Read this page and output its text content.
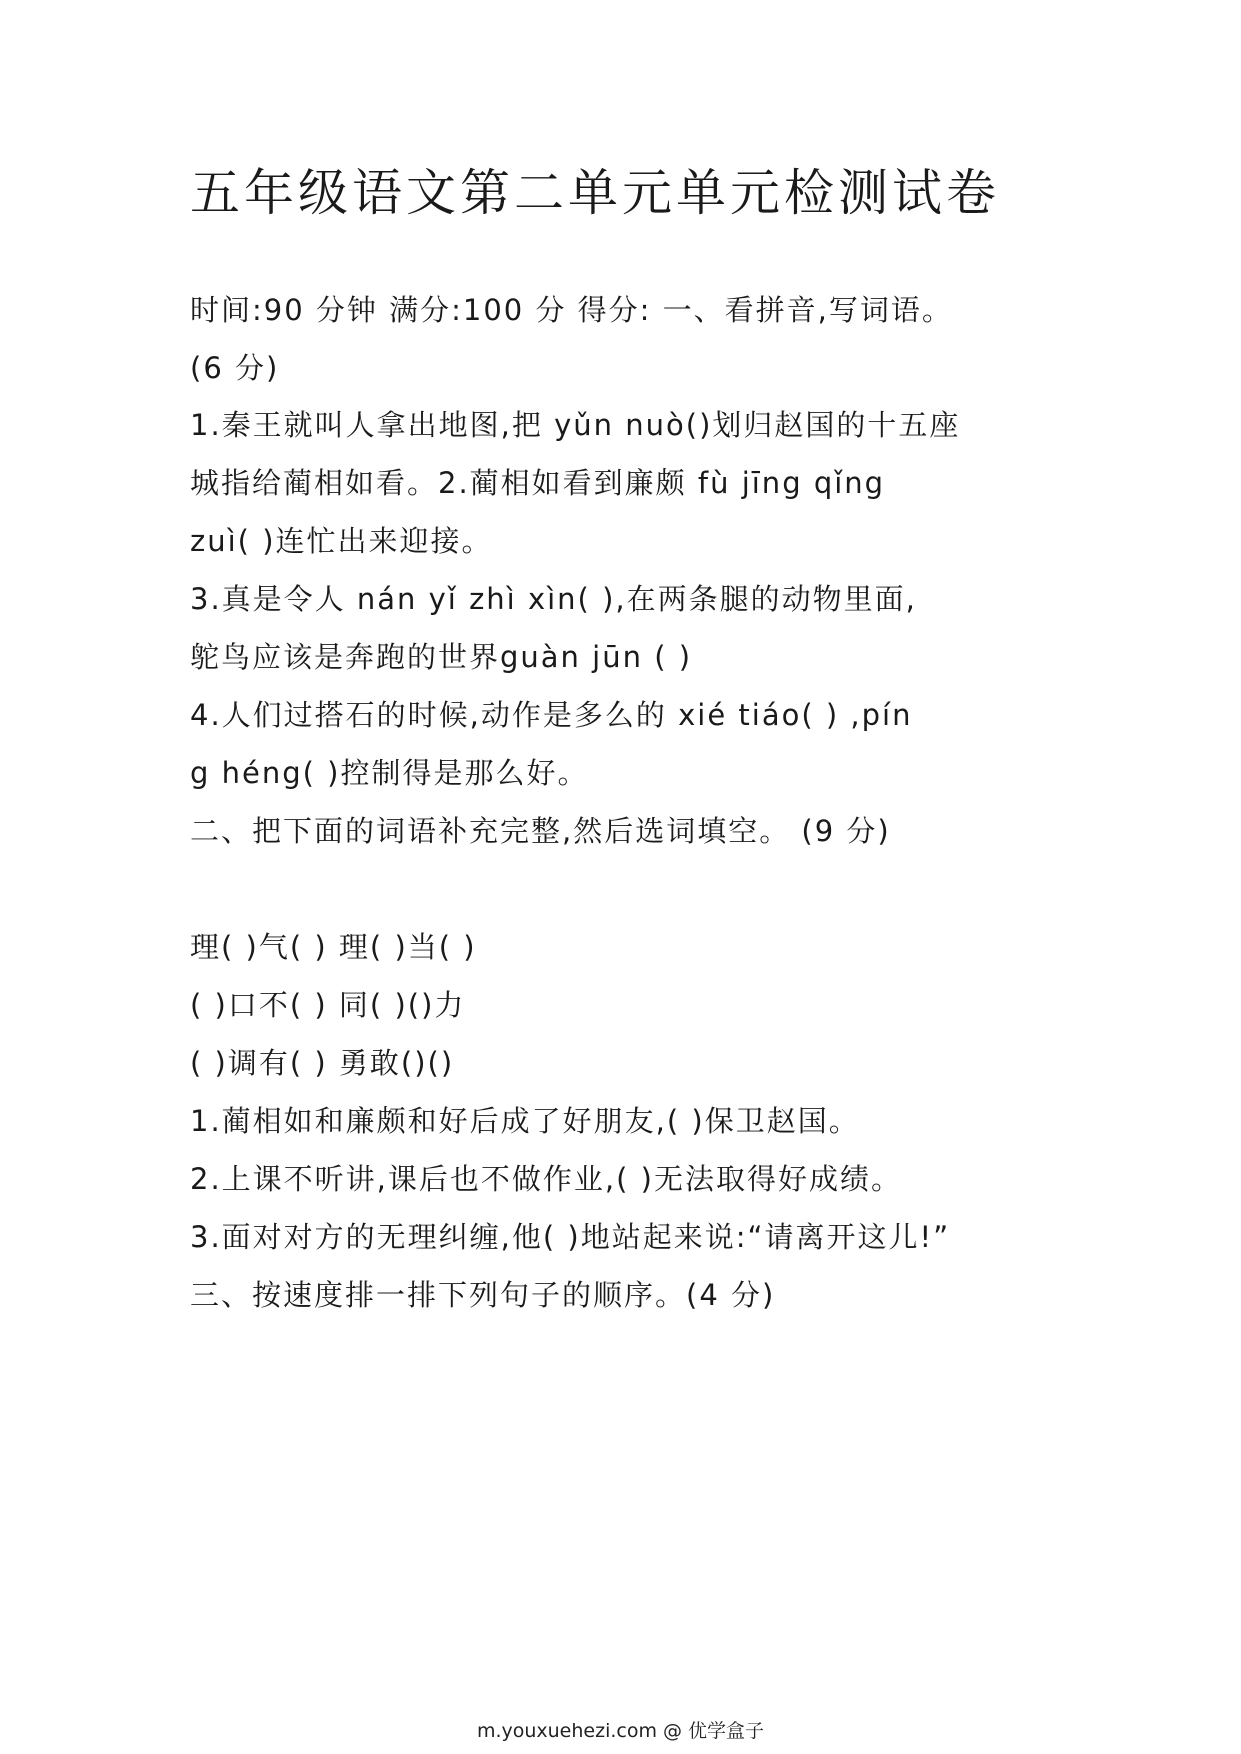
五年级语文第二单元单元检测试卷
时间:90 分钟 满分:100 分 得分: 一、看拼音,写词语。
(6 分)
1.秦王就叫人拿出地图,把 yǔn nuò()划归赵国的十五座
城指给蔺相如看。2.蔺相如看到廉颇 fù jīng qǐng
zuì( )连忙出来迎接。
3.真是令人 nán yǐ zhì xìn( ),在两条腿的动物里面,
鸵鸟应该是奔跑的世界guàn jūn ( )
4.人们过搭石的时候,动作是多么的 xié tiáo( ) ,pín
g héng( )控制得是那么好。
二、把下面的词语补充完整,然后选词填空。 (9 分)
理( )气( ) 理( )当( )
( )口不( ) 同( )()力
( )调有( ) 勇敢()()
1.蔺相如和廉颇和好后成了好朋友,( )保卫赵国。
2.上课不听讲,课后也不做作业,( )无法取得好成绩。
3.面对对方的无理纠缠,他( )地站起来说:“请离开这儿!”
三、按速度排一排下列句子的顺序。(4 分)
m.youxuehezi.com @ 优学盒子
